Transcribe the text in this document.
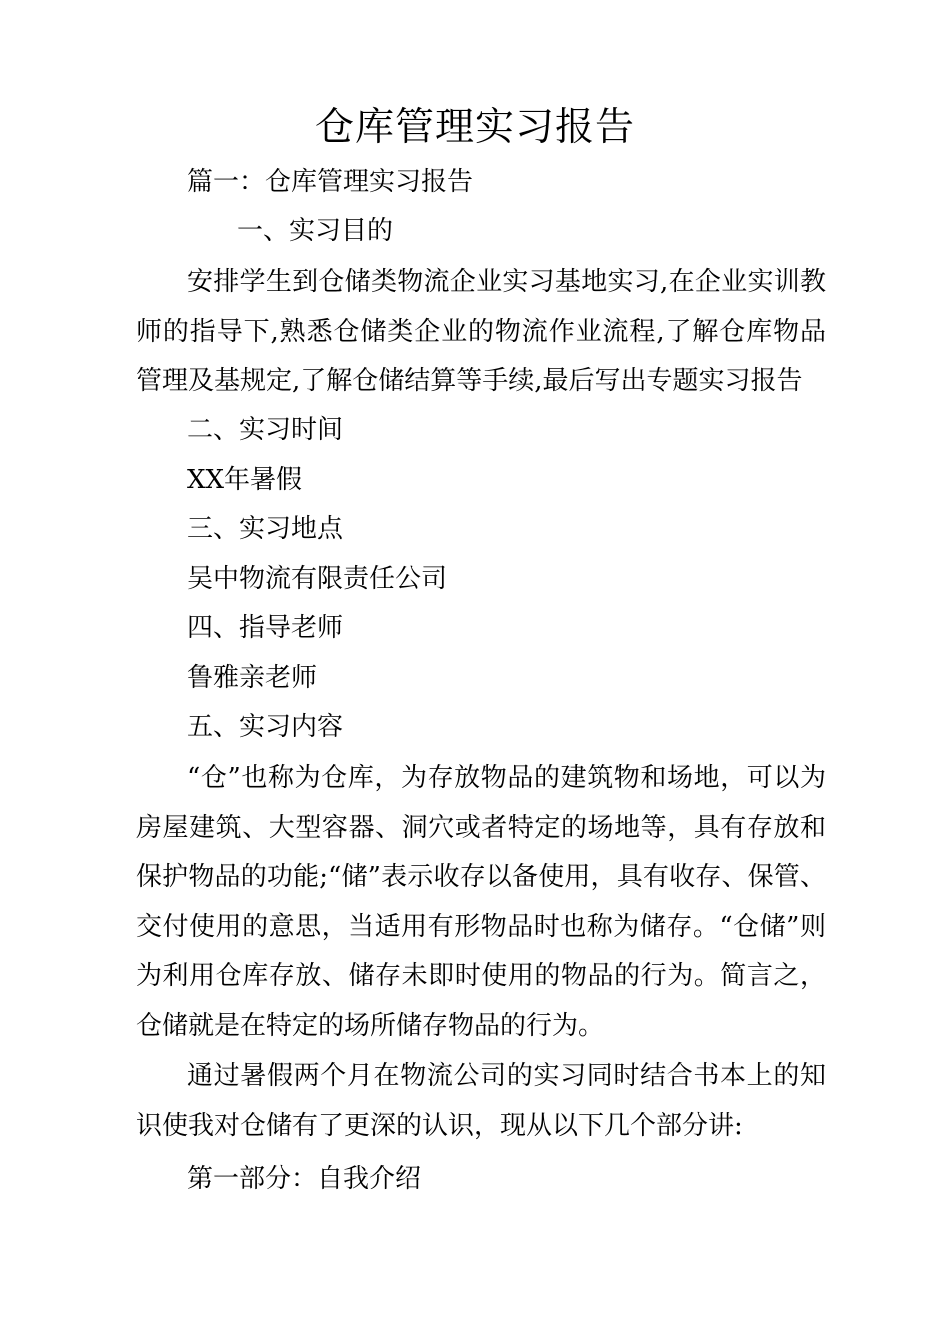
仓库管理实习报告
篇一：仓库管理实习报告
一、实习目的
安排学生到仓储类物流企业实习基地实习,在企业实训教师的指导下,熟悉仓储类企业的物流作业流程,了解仓库物品管理及基规定,了解仓储结算等手续,最后写出专题实习报告
二、实习时间
XX年暑假
三、实习地点
吴中物流有限责任公司
四、指导老师
鲁雅亲老师
五、实习内容
“仓”也称为仓库，为存放物品的建筑物和场地，可以为房屋建筑、大型容器、洞穴或者特定的场地等，具有存放和保护物品的功能;“储”表示收存以备使用，具有收存、保管、交付使用的意思，当适用有形物品时也称为储存。“仓储”则为利用仓库存放、储存未即时使用的物品的行为。简言之，仓储就是在特定的场所储存物品的行为。
通过暑假两个月在物流公司的实习同时结合书本上的知识使我对仓储有了更深的认识，现从以下几个部分讲:
第一部分：自我介绍
